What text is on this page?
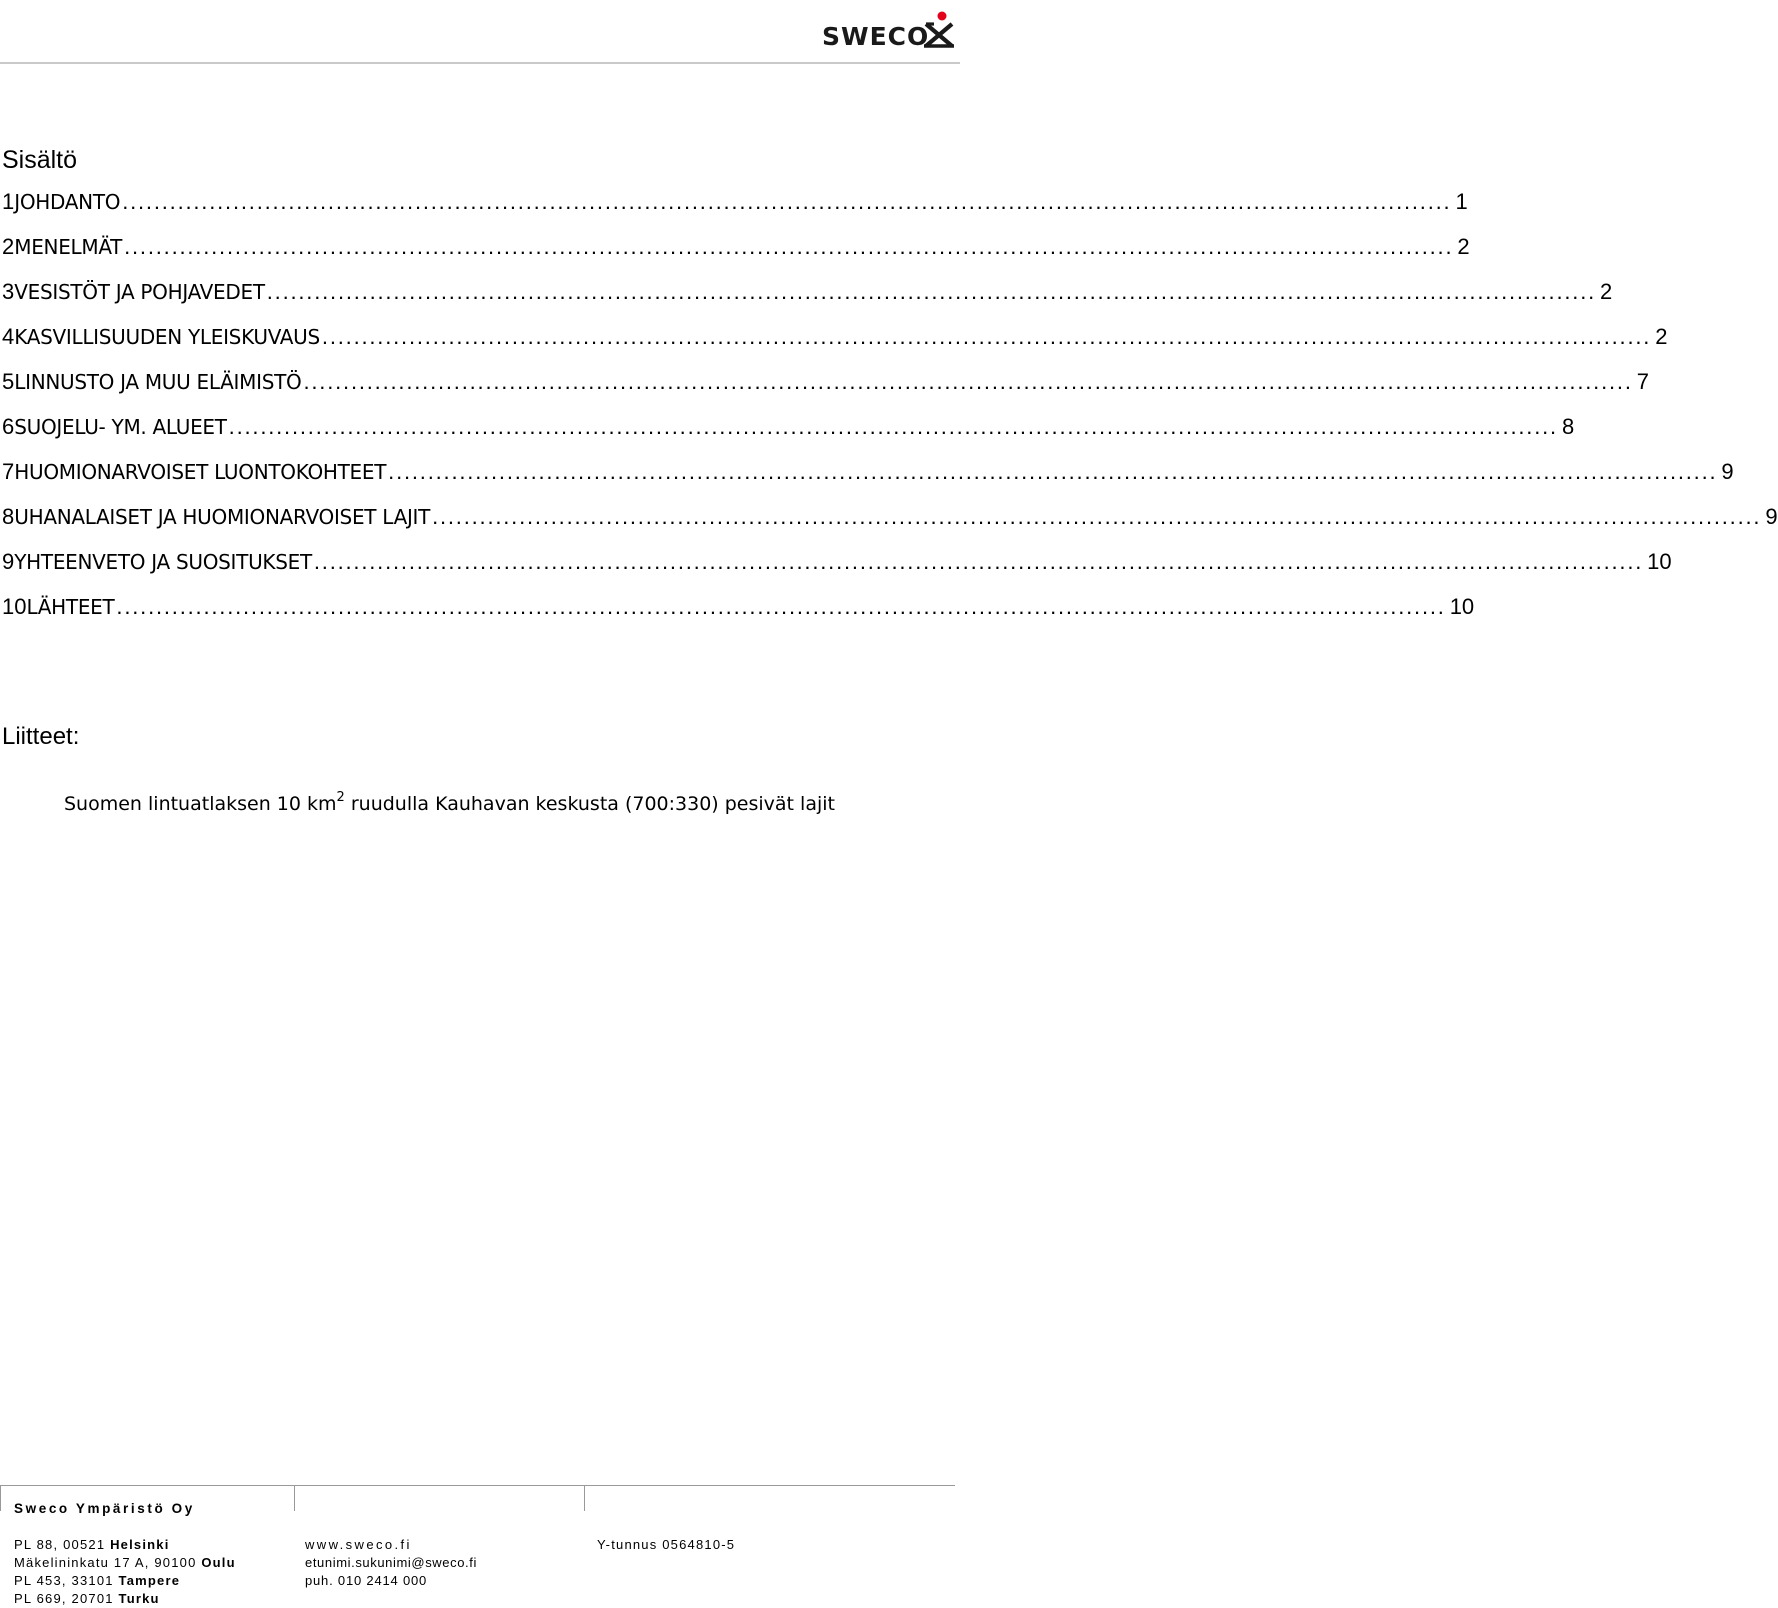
SWECO
Sisältö
1 JOHDANTO ........................................................................................................................................................................ 1
2 MENELMÄT ........................................................................................................................................................................ 2
3 VESISTÖT JA POHJAVEDET ........................................................................................................................................................................ 2
4 KASVILLISUUDEN YLEISKUVAUS ........................................................................................................................................................................ 2
5 LINNUSTO JA MUU ELÄIMISTÖ ........................................................................................................................................................................ 7
6 SUOJELU- YM. ALUEET ........................................................................................................................................................................ 8
7 HUOMIONARVOISET LUONTOKOHTEET ........................................................................................................................................................................ 9
8 UHANALAISET JA HUOMIONARVOISET LAJIT ........................................................................................................................................................................ 9
9 YHTEENVETO JA SUOSITUKSET ........................................................................................................................................................................ 10
10 LÄHTEET ........................................................................................................................................................................ 10
Liitteet:
Suomen lintuatlaksen 10 $km^2$ ruudulla Kauhavan keskusta (700:330) pesivät lajit
Sweco Ympäristö Oy
PL 88, 00521 Helsinki
Mäkelininkatu 17 A, 90100 Oulu
PL 453, 33101 Tampere
PL 669, 20701 Turku
www.sweco.fi
etunimi.sukunimi@sweco.fi
puh. 010 2414 000
Y-tunnus 0564810-5
